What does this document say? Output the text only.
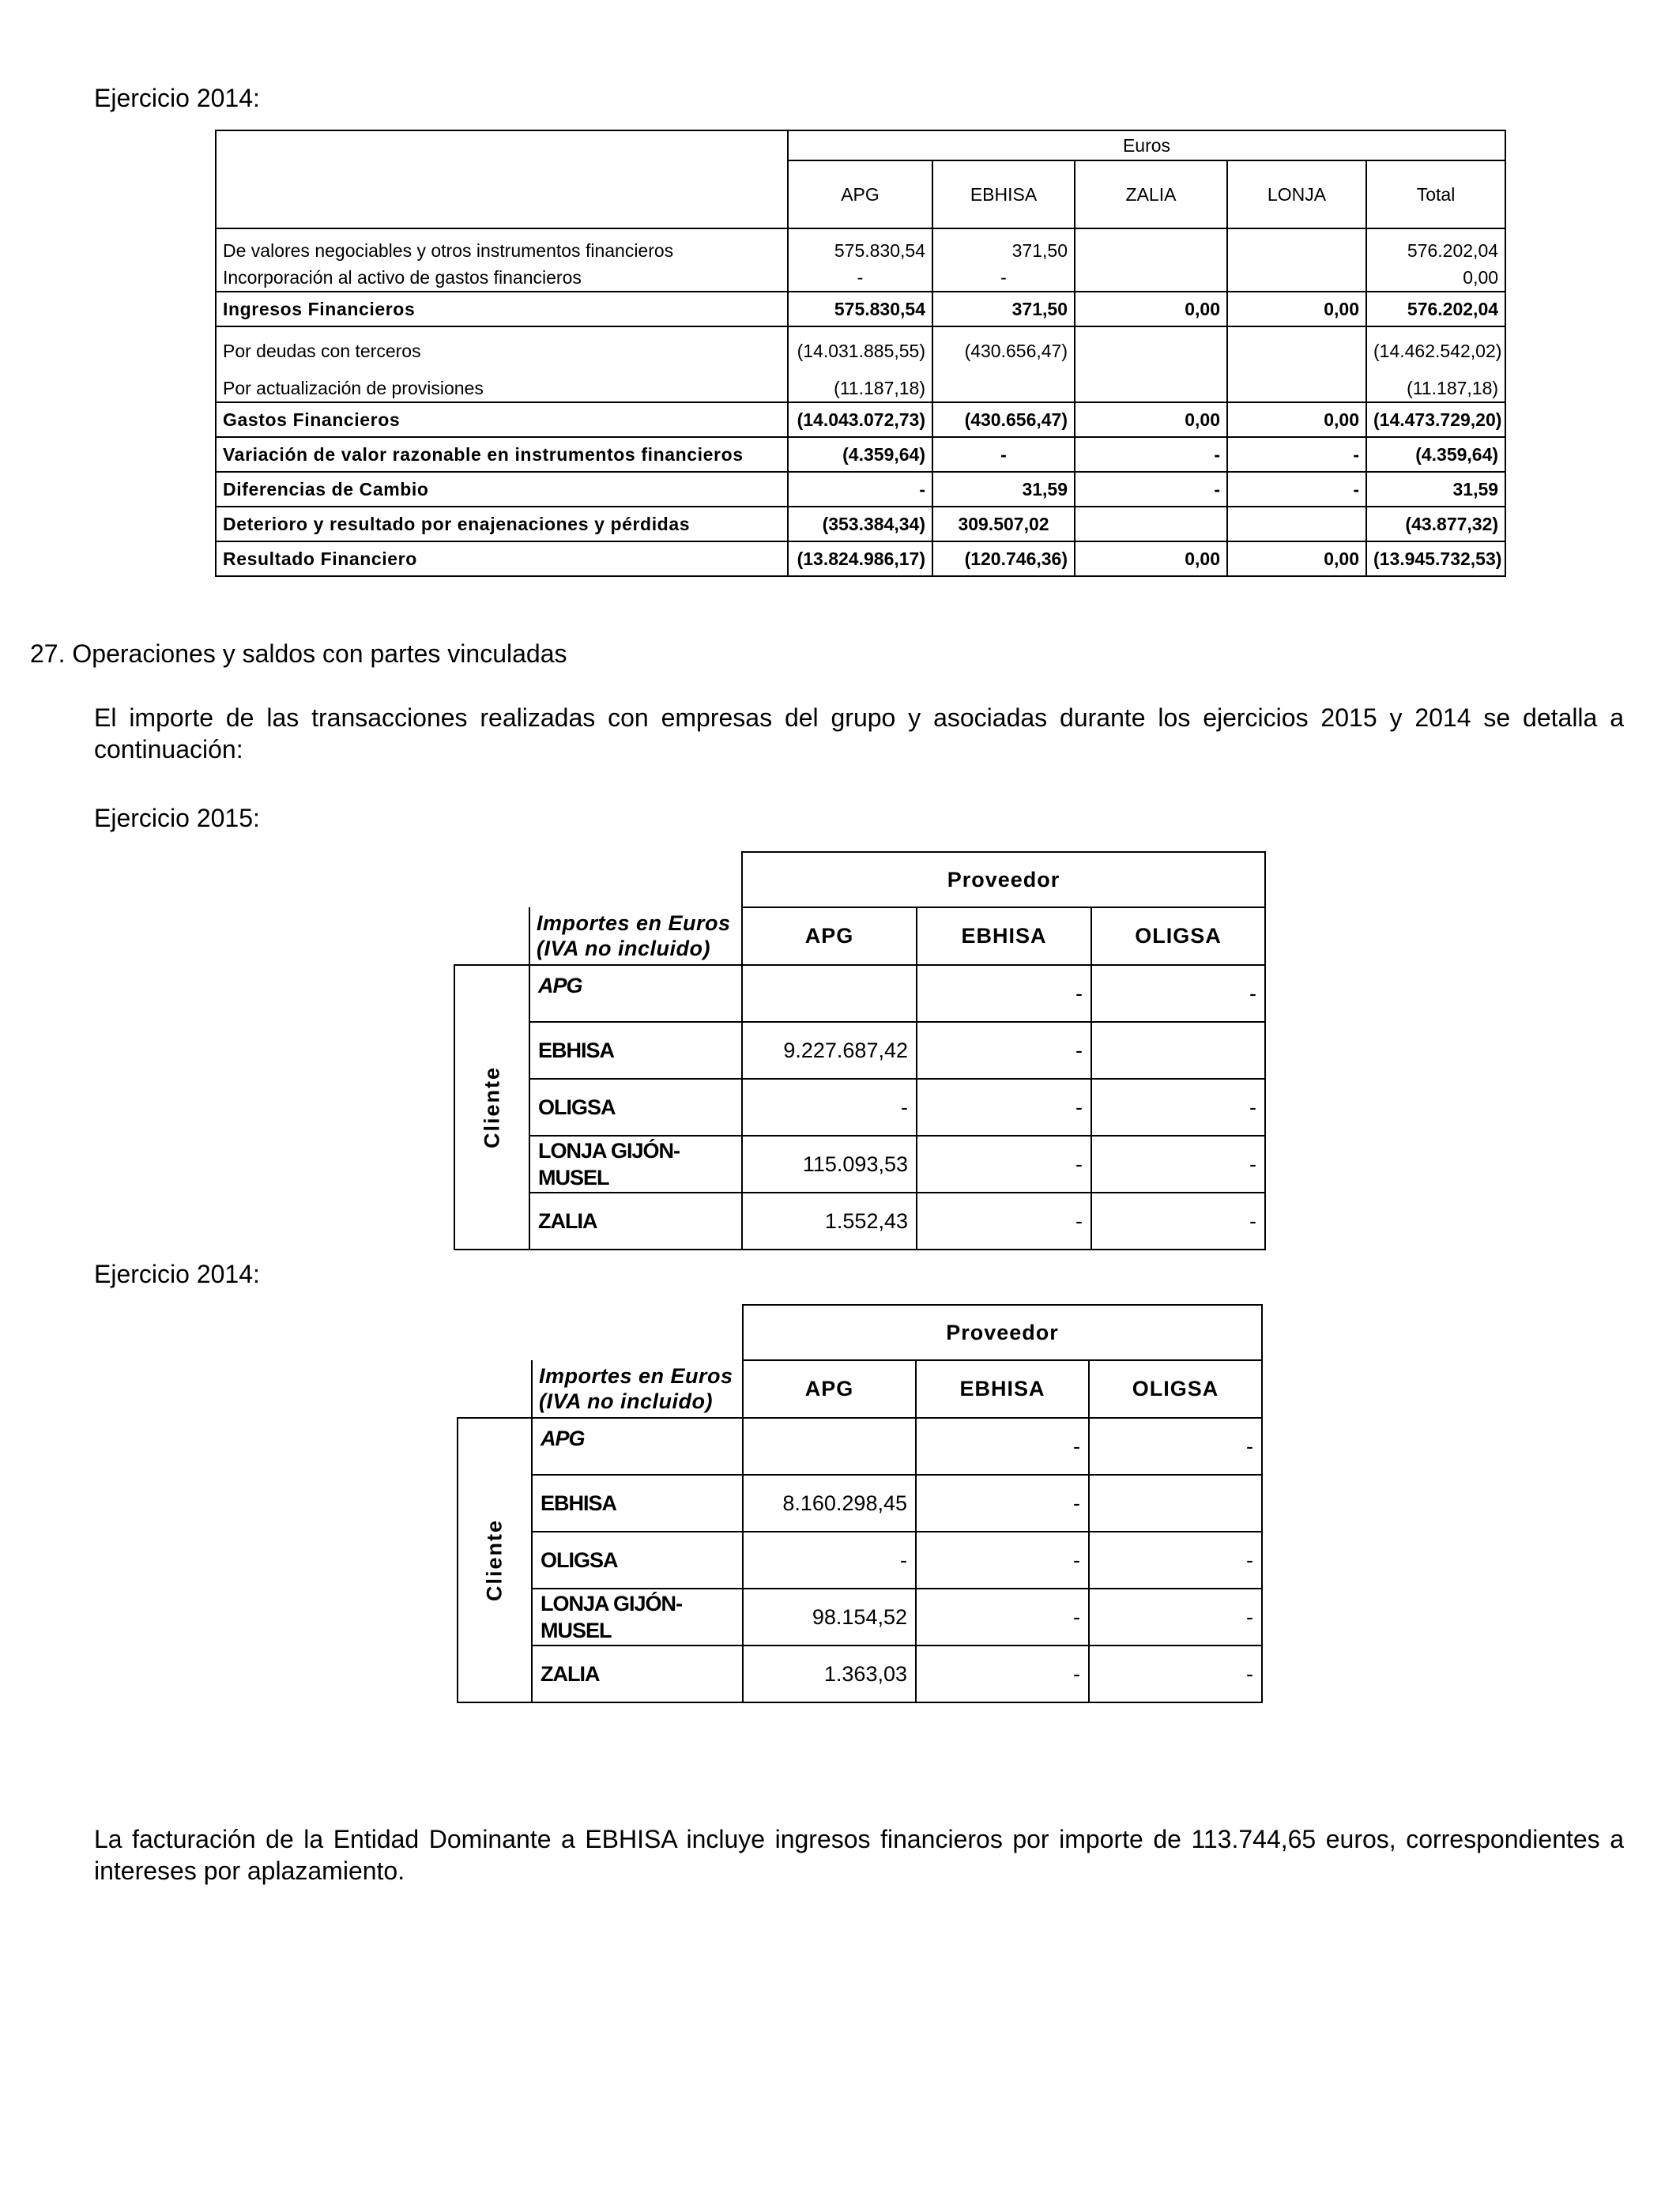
Ejercicio 2014:
	Euros				
	APG	EBHISA	ZALIA	LONJA	Total
De valores negociables y otros instrumentos financieros	575.830,54	371,50			576.202,04
Incorporación al activo de gastos financieros	-	-			0,00
Ingresos Financieros	575.830,54	371,50	0,00	0,00	576.202,04
Por deudas con terceros	(14.031.885,55)	(430.656,47)			(14.462.542,02)
Por actualización de provisiones	(11.187,18)				(11.187,18)
Gastos Financieros	(14.043.072,73)	(430.656,47)	0,00	0,00	(14.473.729,20)
Variación de valor razonable en instrumentos financieros	(4.359,64)	-	-	-	(4.359,64)
Diferencias de Cambio	-	31,59	-	-	31,59
Deterioro y resultado por enajenaciones y pérdidas	(353.384,34)	309.507,02			(43.877,32)
Resultado Financiero	(13.824.986,17)	(120.746,36)	0,00	0,00	(13.945.732,53)
27. Operaciones y saldos con partes vinculadas
El importe de las transacciones realizadas con empresas del grupo y asociadas durante los ejercicios 2015 y 2014 se detalla a continuación:
Ejercicio 2015:
		Proveedor		
	Importes en Euros (IVA no incluido)	APG	EBHISA	OLIGSA

Cliente	APG		-	-
	EBHISA	9.227.687,42	-	
	OLIGSA	-	-	-
	LONJA GIJÓN-MUSEL	115.093,53	-	-
	ZALIA	1.552,43	-	-
Ejercicio 2014:
		Proveedor		
	Importes en Euros (IVA no incluido)	APG	EBHISA	OLIGSA

Cliente	APG		-	-
	EBHISA	8.160.298,45	-	
	OLIGSA	-	-	-
	LONJA GIJÓN-MUSEL	98.154,52	-	-
	ZALIA	1.363,03	-	-
La facturación de la Entidad Dominante a EBHISA incluye ingresos financieros por importe de 113.744,65 euros, correspondientes a intereses por aplazamiento.
